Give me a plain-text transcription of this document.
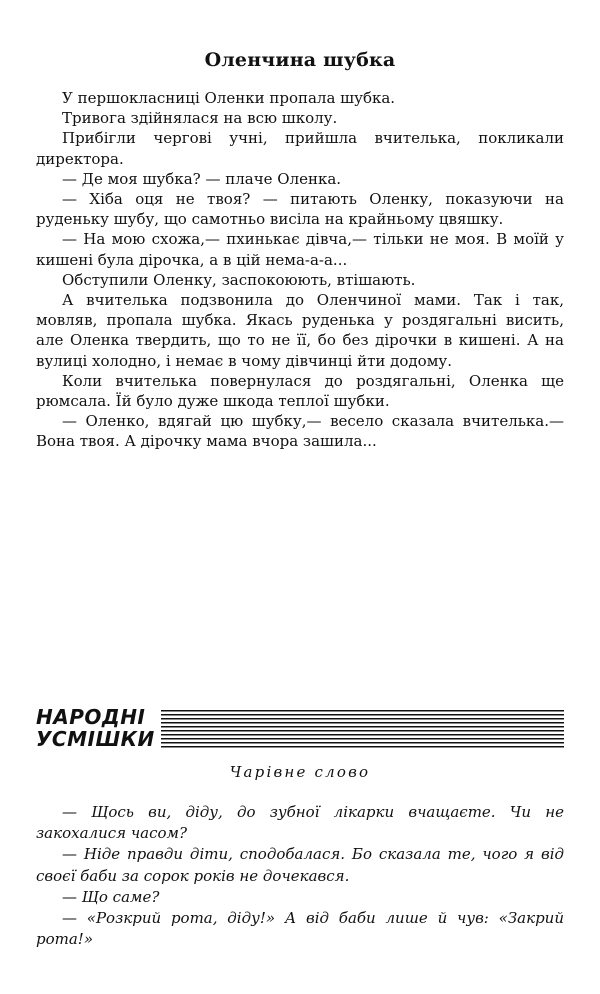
Оленчина шубка

У першокласниці Оленки пропала шубка.

Тривога здійнялася на всю школу.

Прибігли чергові учні, прийшла вчителька, покликали директора.

— Де моя шубка? — плаче Оленка.

— Хіба оця не твоя? — питають Оленку, показуючи на руденьку шубу, що самотньо висіла на крайньому цвяшку.

— На мою схожа,— пхинькає дівча,— тільки не моя. В моїй у кишені була дірочка, а в цій нема-а-а...

Обступили Оленку, заспокоюють, втішають.

А вчителька подзвонила до Оленчиної мами. Так і так, мовляв, пропала шубка. Якась руденька у роздягальні висить, але Оленка твердить, що то не її, бо без дірочки в кишені. А на вулиці холодно, і немає в чому дівчинці йти додому.

Коли вчителька повернулася до роздягальні, Оленка ще рюмсала. Їй було дуже шкода теплої шубки.

— Оленко, вдягай цю шубку,— весело сказала вчителька.— Вона твоя. А дірочку мама вчора зашила...

НАРОДНІ
УСМІШКИ
Чарівне слово

— Щось ви, діду, до зубної лікарки вчащаєте. Чи не закохалися часом?

— Ніде правди діти, сподобалася. Бо сказала те, чого я від своєї баби за сорок років не дочекався.

— Що саме?

— «Розкрий рота, діду!» А від баби лише й чув: «Закрий рота!»
